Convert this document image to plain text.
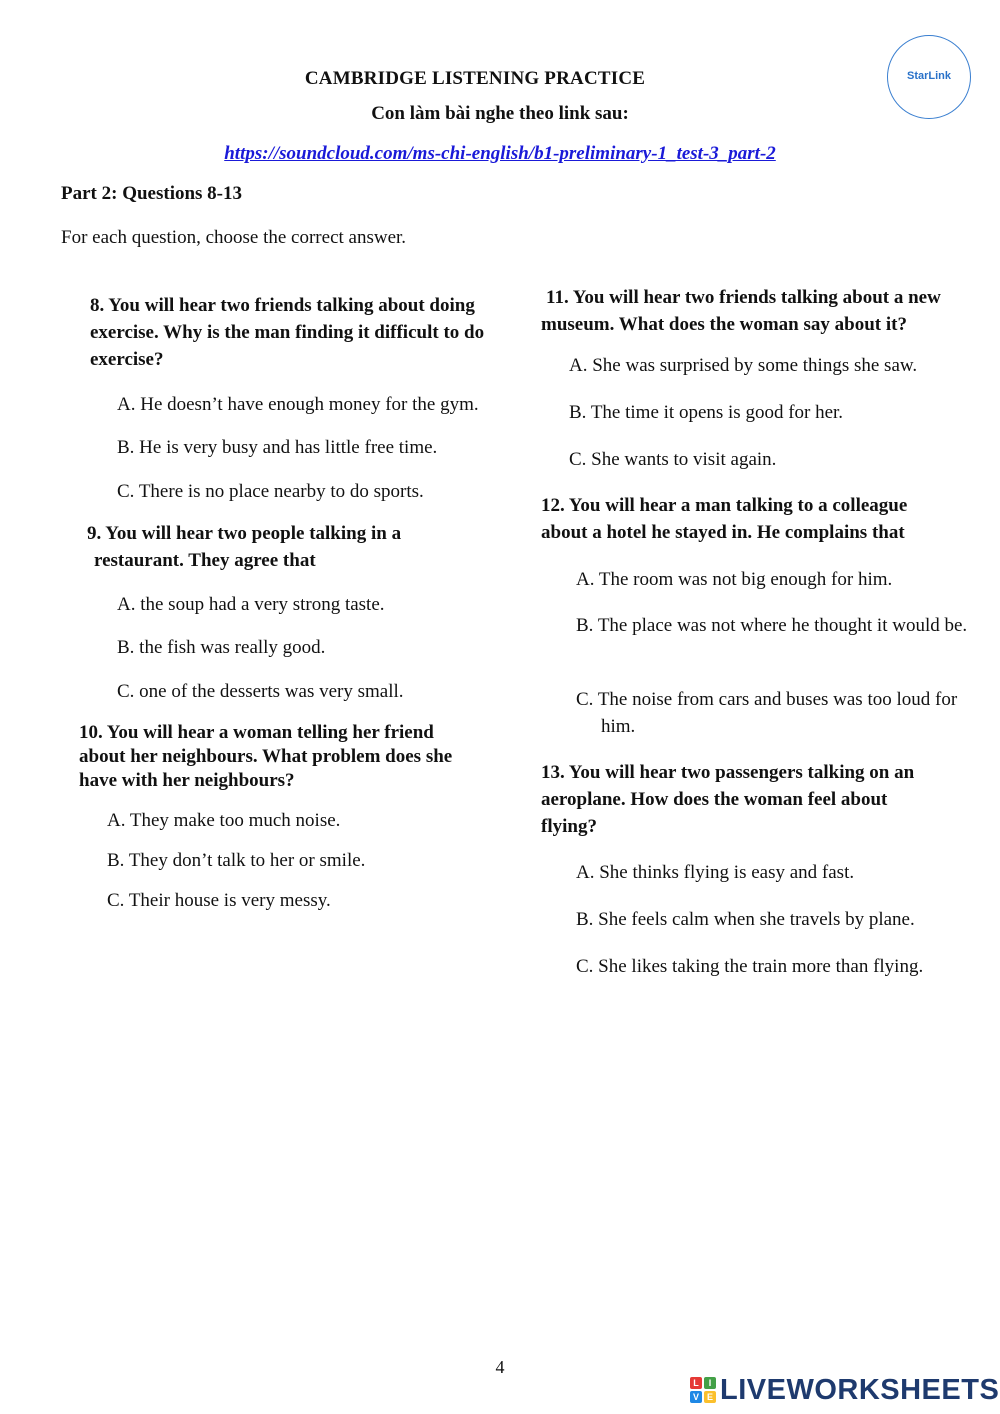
CAMBRIDGE LISTENING PRACTICE
Con làm bài nghe theo link sau:
https://soundcloud.com/ms-chi-english/b1-preliminary-1_test-3_part-2
StarLink
Part 2: Questions 8-13
For each question, choose the correct answer.
8. You will hear two friends talking about doing
exercise. Why is the man finding it difficult to do
exercise?
A. He doesn’t have enough money for the gym.
B. He is very busy and has little free time.
C. There is no place nearby to do sports.
9. You will hear two people talking in a
restaurant. They agree that
A. the soup had a very strong taste.
B. the fish was really good.
C. one of the desserts was very small.
10. You will hear a woman telling her friend
about her neighbours. What problem does she
have with her neighbours?
A. They make too much noise.
B. They don’t talk to her or smile.
C. Their house is very messy.
11. You will hear two friends talking about a new
museum. What does the woman say about it?
A. She was surprised by some things she saw.
B. The time it opens is good for her.
C. She wants to visit again.
12. You will hear a man talking to a colleague
about a hotel he stayed in. He complains that
A. The room was not big enough for him.
B. The place was not where he thought it would be.
C. The noise from cars and buses was too loud for him.
13. You will hear two passengers talking on an
aeroplane. How does the woman feel about
flying?
A. She thinks flying is easy and fast.
B. She feels calm when she travels by plane.
C. She likes taking the train more than flying.
4
L	I
V E LIVEWORKSHEETS
